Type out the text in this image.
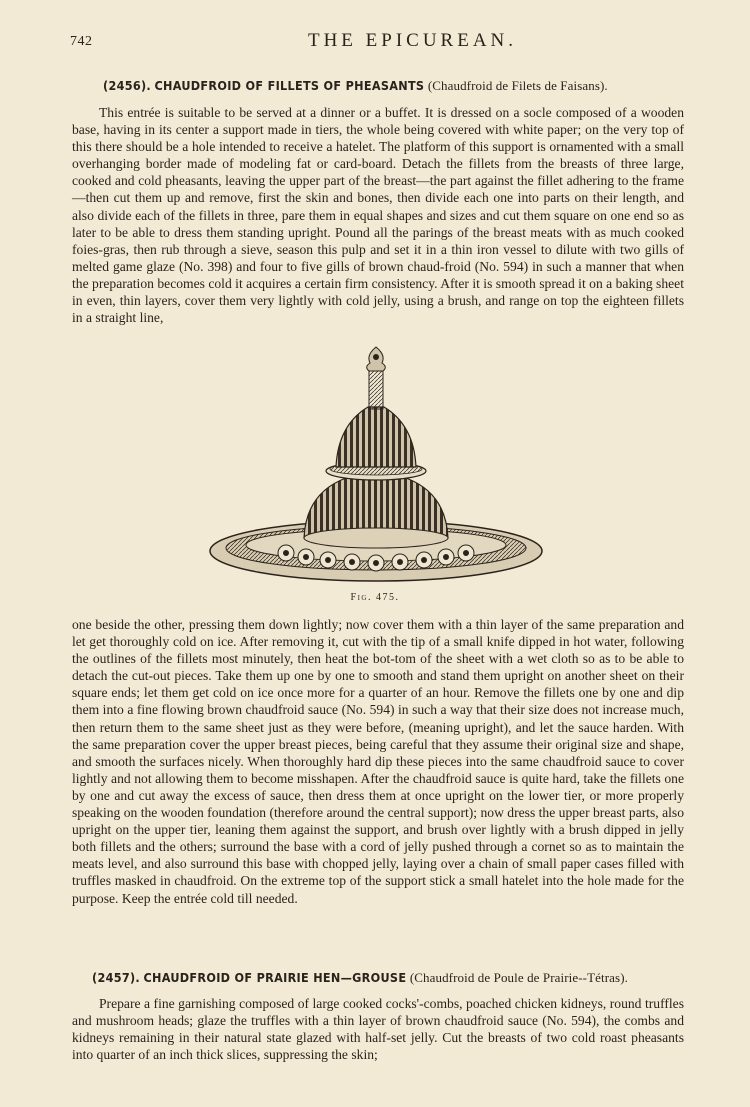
742	THE EPICUREAN.
(2456). CHAUDFROID OF FILLETS OF PHEASANTS (Chaudfroid de Filets de Faisans).

This entrée is suitable to be served at a dinner or a buffet. It is dressed on a socle composed of a wooden base, having in its center a support made in tiers, the whole being covered with white paper; on the very top of this there should be a hole intended to receive a hatelet. The platform of this support is ornamented with a small overhanging border made of modeling fat or card-board. Detach the fillets from the breasts of three large, cooked and cold pheasants, leaving the upper part of the breast—the part against the fillet adhering to the frame—then cut them up and remove, first the skin and bones, then divide each one into parts on their length, and also divide each of the fillets in three, pare them in equal shapes and sizes and cut them square on one end so as later to be able to dress them standing upright. Pound all the parings of the breast meats with as much cooked foies-gras, then rub through a sieve, season this pulp and set it in a thin iron vessel to dilute with two gills of melted game glaze (No. 398) and four to five gills of brown chaud-froid (No. 594) in such a manner that when the preparation becomes cold it acquires a certain firm consistency. After it is smooth spread it on a baking sheet in even, thin layers, cover them very lightly with cold jelly, using a brush, and range on top the eighteen fillets in a straight line,

Fig. 475.

one beside the other, pressing them down lightly; now cover them with a thin layer of the same preparation and let get thoroughly cold on ice. After removing it, cut with the tip of a small knife dipped in hot water, following the outlines of the fillets most minutely, then heat the bot-tom of the sheet with a wet cloth so as to be able to detach the cut-out pieces. Take them up one by one to smooth and stand them upright on another sheet on their square ends; let them get cold on ice once more for a quarter of an hour. Remove the fillets one by one and dip them into a fine flowing brown chaudfroid sauce (No. 594) in such a way that their size does not increase much, then return them to the same sheet just as they were before, (meaning upright), and let the sauce harden. With the same preparation cover the upper breast pieces, being careful that they assume their original size and shape, and smooth the surfaces nicely. When thoroughly hard dip these pieces into the same chaudfroid sauce to cover lightly and not allowing them to become misshapen. After the chaudfroid sauce is quite hard, take the fillets one by one and cut away the excess of sauce, then dress them at once upright on the lower tier, or more properly speaking on the wooden foundation (therefore around the central support); now dress the upper breast parts, also upright on the upper tier, leaning them against the support, and brush over lightly with a brush dipped in jelly both fillets and the others; surround the base with a cord of jelly pushed through a cornet so as to maintain the meats level, and also surround this base with chopped jelly, laying over a chain of small paper cases filled with truffles masked in chaudfroid. On the extreme top of the support stick a small hatelet into the hole made for the purpose. Keep the entrée cold till needed.

(2457). CHAUDFROID OF PRAIRIE HEN—GROUSE (Chaudfroid de Poule de Prairie--Tétras).

Prepare a fine garnishing composed of large cooked cocks'-combs, poached chicken kidneys, round truffles and mushroom heads; glaze the truffles with a thin layer of brown chaudfroid sauce (No. 594), the combs and kidneys remaining in their natural state glazed with half-set jelly. Cut the breasts of two cold roast pheasants into quarter of an inch thick slices, suppressing the skin;
